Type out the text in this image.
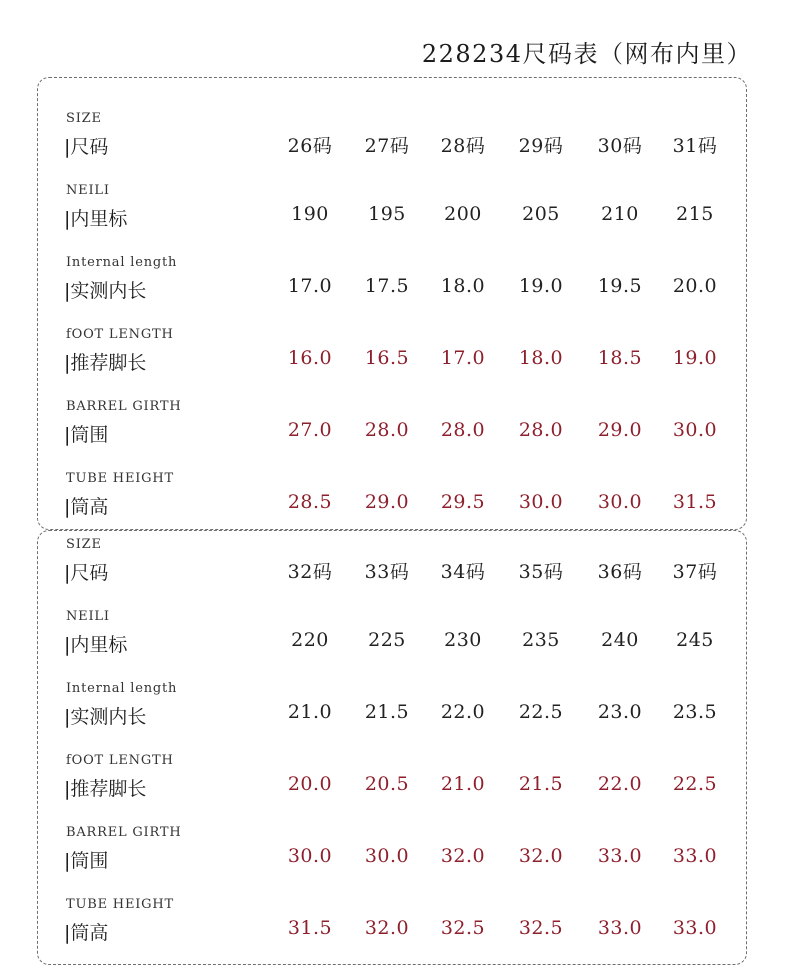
228234尺码表（网布内里）
SIZE
|尺码	26码	27码	28码	29码	30码	31码
NEILI
|内里标	190	195	200	205	210	215
Internal length
|实测内长	17.0	17.5	18.0	19.0	19.5	20.0
fOOT LENGTH
|推荐脚长	16.0	16.5	17.0	18.0	18.5	19.0
BARREL GIRTH
|筒围	27.0	28.0	28.0	28.0	29.0	30.0
TUBE HEIGHT
|筒高	28.5	29.0	29.5	30.0	30.0	31.5
SIZE
|尺码	32码	33码	34码	35码	36码	37码
NEILI
|内里标	220	225	230	235	240	245
Internal length
|实测内长	21.0	21.5	22.0	22.5	23.0	23.5
fOOT LENGTH
|推荐脚长	20.0	20.5	21.0	21.5	22.0	22.5
BARREL GIRTH
|筒围	30.0	30.0	32.0	32.0	33.0	33.0
TUBE HEIGHT
|筒高	31.5	32.0	32.5	32.5	33.0	33.0
